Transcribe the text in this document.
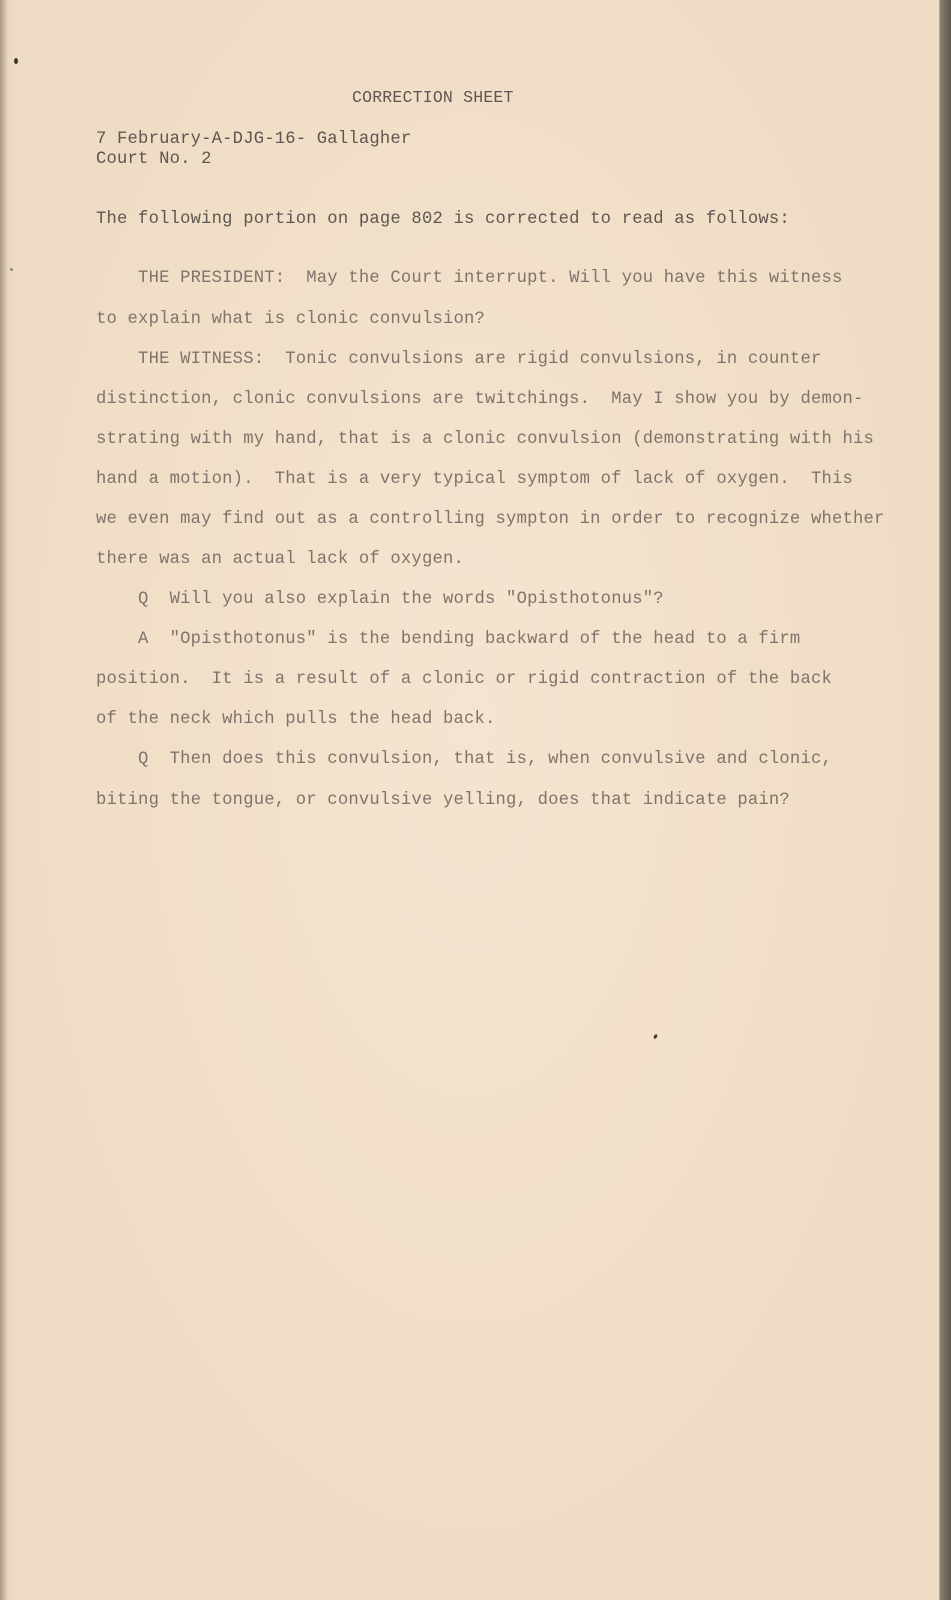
CORRECTION SHEET
7 February-A-DJG-16- Gallagher
Court No. 2
The following portion on page 802 is corrected to read as follows:
THE PRESIDENT:  May the Court interrupt. Will you have this witness
to explain what is clonic convulsion?
THE WITNESS:  Tonic convulsions are rigid convulsions, in counter
distinction, clonic convulsions are twitchings.  May I show you by demon-
strating with my hand, that is a clonic convulsion (demonstrating with his
hand a motion).  That is a very typical symptom of lack of oxygen.  This
we even may find out as a controlling sympton in order to recognize whether
there was an actual lack of oxygen.
Q  Will you also explain the words "Opisthotonus"?
A  "Opisthotonus" is the bending backward of the head to a firm
position.  It is a result of a clonic or rigid contraction of the back
of the neck which pulls the head back.
Q  Then does this convulsion, that is, when convulsive and clonic,
biting the tongue, or convulsive yelling, does that indicate pain?
